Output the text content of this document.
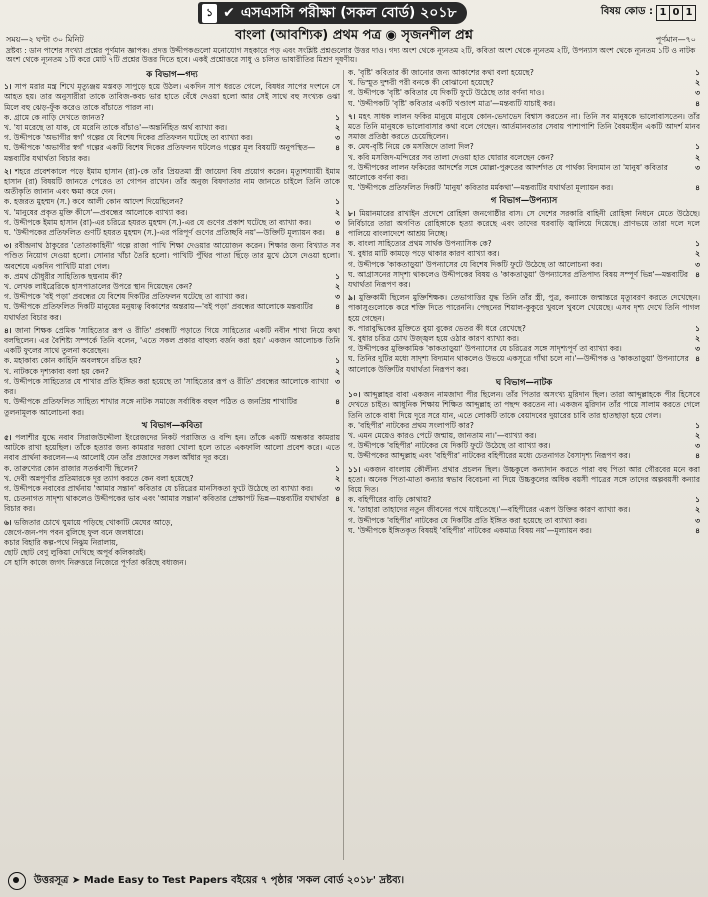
১ ✔ এসএসসি পরীক্ষা (সকল বোর্ড) ২০১৮	বিষয় কোড : 1 0 1
বাংলা (আবশ্যিক) প্রথম পত্র ◉ সৃজনশীল প্রশ্ন
সময়—২ ঘণ্টা ৩০ মিনিট	পূর্ণমান—৭০
দ্রষ্টব্য : ডান পাশের সংখ্যা প্রশ্নের পূর্ণমান জ্ঞাপক। প্রদত্ত উদ্দীপকগুলো মনোযোগ সহকারে পড় এবং সংশ্লিষ্ট প্রশ্নগুলোর উত্তর দাও। গদ্য অংশ থেকে ন্যূনতম ২টি, কবিতা অংশ থেকে ন্যূনতম ২টি, উপন্যাস অংশ থেকে ন্যূনতম ১টি ও নাটক অংশ থেকে ন্যূনতম ১টি করে মোট ৭টি প্রশ্নের উত্তর দিতে হবে। একই প্রশ্নোত্তরে সাধু ও চলিত ভাষারীতির মিশ্রণ দূষণীয়।
ক বিভাগ—গদ্য
১। সাপ মরার মন্ত্র শিখে মৃত্যুঞ্জয় মস্তবড় সাপুড়ে হয়ে উঠল। একদিন সাপ ধরতে গেলে, বিষধর সাপের দংশনে সে আহত হয়। তার অনুসারীরা তাকে তাবিজ-কবচ ভার হাতে বেঁধে দেওয়া হলো আর সেই সাথে বহু সংখ্যক ওঝা মিলে বহু ঝেড়-ফুঁক করেও তাকে বাঁচাতে পারল না।
ক. গ্রামে কে নাড়ি দেখতে জানত?	১
খ. 'যা মরেছে তা যাক, যে মরেনি তাকে বাঁচাও'—অন্তর্নিহিত অর্থ ব্যাখ্যা কর।	২
গ. উদ্দীপকে 'অভাগীর স্বর্গ' গল্পের যে বিশেষ দিকের প্রতিফলন ঘটেছে তা ব্যাখ্যা কর।	৩
ঘ. উদ্দীপকে 'অভাগীর স্বর্গ' গল্পের একটি বিশেষ দিকের প্রতিফলন ঘটলেও গল্পের মূল বিষয়টি অনুপস্থিত—মন্তব্যটির যথার্থতা বিচার কর।
৪
২। শহরে প্রবেশকালে পড়ে ইমাম হাসান (রা)-কে তাঁর প্রিয়তমা স্ত্রী জায়েদা বিষ প্রয়োগ করেন। মৃত্যুশয্যায়ী ইমাম হাসান (রা) বিষয়টি জানতে পেরেও তা গোপন রাখেন। তাঁর অনুজ বিষদাতার নাম জানতে চাইলে তিনি তাকে অতীকৃতি জানান এবং ক্ষমা করে দেন।
ক. হজরত মুহম্মদ (স.) কবে আলী কোন আদেশ দিয়েছিলেন?	১
খ. 'মানুষের প্রকৃত মুক্তি কীসে'—প্রবন্ধের আলোকে ব্যাখ্যা কর।	২
গ. উদ্দীপকে ইমাম হাসান (রা)-এর চরিত্রে হযরত মুহম্মদ (স.)-এর যে গুণের প্রকাশ ঘটেছে তা ব্যাখ্যা কর।	৩
ঘ. 'উদ্দীপকের প্রতিফলিত গুণটি হযরত মুহম্মদ (স.)-এর পরিপূর্ণ গুণের প্রতিচ্ছবি নয়'—উক্তিটি মূল্যায়ন কর। ৪
৩। রবীন্দ্রনাথ ঠাকুরের 'তোতাকাহিনী' গল্পে রাজা পাখি শিক্ষা দেওয়ার আয়োজন করেন। শিক্ষার জন্য বিখ্যাত সব পণ্ডিত নিয়োগ দেওয়া হলো। সোনার খাঁচা তৈরি হলো। পাখিটি পুঁথির পাতা ছিঁড়ে তার মুখে ঠেসে দেওয়া হলো। অবশেষে একদিন পাখিটি মারা গেল।
ক. প্রমথ চৌধুরীর সাহিত্যিক ছদ্মনাম কী?	১
খ. লেখক লাইব্রেরিকে হাসপাতালের উপরে স্থান দিয়েছেন কেন?	২
গ. উদ্দীপকে 'বই পড়া' প্রবন্ধের যে বিশেষ দিকটির প্রতিফলন ঘটেছে তা ব্যাখ্যা কর।	৩
ঘ. উদ্দীপকে প্রতিফলিত দিকটি মানুষের মনুষ্যত্ব বিকাশের অন্তরায়—'বই পড়া' প্রবন্ধের আলোকে মন্তব্যটির যথার্থতা বিচার কর।
৪
৪। জানা শিক্ষক প্রেমিক 'সাহিত্যের রূপ ও রীতি' প্রবন্ধটি পড়াতে গিয়ে সাহিত্যের একটি নবীন শাখা নিয়ে কথা বলছিলেন। এর বৈশিষ্ট্য সম্পর্কে তিনি বলেন, 'এতে সকল প্রকার বাহুল্য বর্জন করা হয়।' একজন আলোচক তিনি একটি ফুলের সাথে তুলনা করেছেন।
ক. মহাকাব্য কোন কাহিনি অবলম্বনে রচিত হয়?	১
খ. নাটককে দৃশ্যকাব্য বলা হয় কেন?	২
গ. উদ্দীপকে সাহিত্যের যে শাখার প্রতি ইঙ্গিত করা হয়েছে তা 'সাহিত্যের রূপ ও রীতি' প্রবন্ধের আলোকে ব্যাখ্যা কর।
৩
ঘ. উদ্দীপকে প্রতিফলিত সাহিত্য শাখার সঙ্গে নাটক সমাজে সর্বাধিক বহুল পঠিত ও জনপ্রিয় শাখাটির তুলনামূলক আলোচনা কর।
৪
খ বিভাগ—কবিতা
৫। পলাশীর যুদ্ধে নবাব সিরাজউদ্দৌলা ইংরেজদের নিকট পরাজিত ও বন্দি হন। তাঁকে একটি অন্ধকার কামরায় আটকে রাখা হয়েছিল। তাঁকে হত্যার জন্য কামরার দরজা খোলা হলে তাতে একফালি আলো প্রবেশ করে। এতে নবাব প্রার্থনা করলেন—এ আলোই যেন তাঁর প্রজাদের সকল আঁধার দূর করে।
ক. তারুণ্যের কোন রাজার সতর্কবাণী ছিলেন?	১
খ. দেবী অন্নপূর্ণার প্রতিমারকে দূর ত্যাগ করতে কেন বলা হয়েছে?	২
গ. উদ্দীপকে নবাবের প্রার্থনায় 'আমার সন্তান' কবিতার যে চরিত্রের মানসিকতা ফুটে উঠেছে তা ব্যাখ্যা কর।	৩
ঘ. চেতনাগত সাদৃশ্য থাকলেও উদ্দীপকের ভাব এবং 'আমার সন্তান' কবিতার প্রেক্ষাপট ভিন্ন—মন্তব্যটির যথার্থতা বিচার কর।
৪
৬। ভজিতার চোখে ঘুমায়ে পড়িছে খোকাটি মেঘের আড়ে,
জেগে-জন-পদ পবন বুলিছে ফুল বনে জলধারে।
কচার বিহারি কল্প-পথে নিঝুম নিরালায়,
ছোট ছোট বেণু লুকিয়া দেখিছে অপূর্ব কলিকারই।
সে হাসি কাজে জগৎ নিরুত্তরে নিজেরে পূর্ণতা করিছে বধ্যজন।
ক. 'বৃষ্টি' কবিতার কী জানোর জন্য আকাশের কথা বলা হয়েছে?	১
খ. ভিস্মুত দুশ্চরী পরী বনকে কী বোঝানো হয়েছে?	২
গ. উদ্দীপকে 'বৃষ্টি' কবিতার যে দিকটি ফুটে উঠেছে তার বর্ণনা দাও।	৩
ঘ. 'উদ্দীপকটি 'বৃষ্টি' কবিতার একটি খণ্ডাংশ মাত্র'—মন্তব্যটি যাচাই কর।	৪
৭। মহৎ সাধক লালন ফকির মানুষে মানুষে কোন-ভেদাভেদ বিশ্বাস করতেন না। তিনি সব মানুষকে ভালোবাসতেন। তাঁর মতে তিনি মানুষকে ভালোবাসার কথা বলে গেছেন। আর্তমানবতার সেবায় পাশাপাশি তিনি বৈষম্যহীন একটি আদর্শ মানব সমাজ প্রতিষ্ঠা করতে চেয়েছিলেন।
ক. মেঘ-বৃষ্টি নিয়ে কে মসজিদে তালা দিল?	১
খ. কবি মসজিদ-মন্দিরের সব তালা দেওয়া হাত ঘোরার বলেছেন কেন?	২
গ. উদ্দীপকের লালন ফকিরের আদর্শের সঙ্গে মোল্লা-পুরুতের আদর্শগত যে পার্থক্য বিদ্যমান তা 'মানুষ' কবিতার আলোকে বর্ণনা কর।
৩
ঘ. 'উদ্দীপকে প্রতিফলিত দিকটি 'মানুষ' কবিতার মর্মকথা'—মন্তব্যটির যথার্থতা মূল্যায়ন কর।	৪
গ বিভাগ—উপন্যাস
৮। মিয়ানমারের রাখাইন প্রদেশে রোহিঙ্গা জনগোষ্ঠীর বাস। সে দেশের সরকারি বাহিনী রোহিঙ্গা নিধনে মেতে উঠেছে। নির্বিচারে তারা অগণিত রোহিঙ্গাকে হত্যা করেছে এবং তাদের ঘরবাড়ি জ্বালিয়ে দিয়েছে। প্রাণভয়ে তারা দলে দলে পালিয়ে বাংলাদেশে আশ্রয় নিচ্ছে।
ক. বাংলা সাহিত্যের প্রথম সার্থক উপন্যাসিক কে?	১
খ. বুধার মাটি কামড়ে পড়ে থাকার কারণ ব্যাখ্যা কর।	২
গ. উদ্দীপকে 'কাকতাড়ুয়া' উপন্যাসের যে বিশেষ দিকটি ফুটে উঠেছে তা আলোচনা কর।	৩
ঘ. আগ্রাসনের সাদৃশ্য থাকলেও উদ্দীপকের বিষয় ও 'কাকতাড়ুয়া' উপন্যাসের প্রতিপাদ্য বিষয় সম্পূর্ণ ভিন্ন'—মন্তব্যটির যথার্থতা নিরূপণ কর।
৪
৯। মুক্তিকামী ছিলেন মুক্তিশিক্ষক। তেভাগাত্তির যুদ্ধ তিনি তাঁর স্ত্রী, পুত্র, কন্যাকে জন্মান্তরে মৃত্যুবরণ করতে দেখেছেন। পাকাসুগুলোকে করে শক্তি দিতে পারেননি। পেছনের শিয়াল-কুকুরে খুবলে খুবলে খেয়েছে। এসব দৃশ্য দেখে তিনি পাগল হয়ে গেছেন।
ক. পারাবুদ্ধিকের মুক্তিতে বুয়া বুকের ভেতর কী ধরে রেখেছে?	১
খ. বুধার চরিত্র চোখ উজ্জ্বল হয়ে ওঠার কারণ ব্যাখ্যা কর।	২
গ. উদ্দীপকের মুক্তিকামিক 'কাকতাড়ুয়া' উপন্যাসের যে চরিত্রের সঙ্গে সাদৃশ্যপূর্ণ তা ব্যাখ্যা কর।	৩
ঘ. তিনির দুটির মধ্যে সাদৃশ্য বিদ্যমান থাকলেও উভয়ে একসূত্রে গাঁথা চলে না।'—উদ্দীপক ও 'কাকতাড়ুয়া' উপন্যাসের আলোকে উক্তিটির যথার্থতা নিরূপণ কর।
৪
ঘ বিভাগ—নাটক
১০। আব্দুল্লাহর বাবা একজন নামজাদা পীর ছিলেন। তাঁর পিতার অসংখ্য মুরিদান ছিল। তারা আব্দুল্লাহকে পীর হিসেবে দেখতে চাইত। আধুনিক শিক্ষায় শিক্ষিত আব্দুল্লাহ তা পছন্দ করতেন না। একজন মুরিদান তাঁর পায়ে সালাম করতে গেলে তিনি তাকে বাধা দিয়ে দূরে সরে যান, এতে লোকটি তাকে বেয়াদবের দুয়ারের চাবি তার হাতছাড়া হয়ে গেল।
ক. 'বহিপীর' নাটকের প্রথম সংলাপটি কার?	১
খ. এমন মেয়েও কারও পেটে জন্মায়, জানতাম না।'—ব্যাখ্যা কর।	২
গ. উদ্দীপকে 'বহিপীর' নাটকের যে দিকটি ফুটে উঠেছে তা ব্যাখ্যা কর।	৩
ঘ. উদ্দীপকের আব্দুল্লাহ এবং 'বহিপীর' নাটকের বহিপীরের মধ্যে চেতনাগত বৈসাদৃশ্য নিরূপণ কর।	৪
১১। একজন বাংলায় কৌলীন্য প্রথার প্রচলন ছিল। উচ্চকুলে কন্যাদান করতে পারা বহু পিতা আর গৌরবের মনে করা হতো। অনেক পিতা-মাতা কন্যার স্বভাব বিবেচনা না দিয়ে উচ্চকুলের অধিক বয়সী পাত্রের সঙ্গে তাদের অল্পবয়সী কন্যার বিয়ে দিত।
ক. বহিপীরের বাড়ি কোথায়?	১
খ. 'তাহারা তাহাদের নতুন জীবনের পথে যাইতেছে।'—বহিপীরের এরূপ উক্তির কারণ ব্যাখ্যা কর।	২
গ. উদ্দীপকে 'বহিপীর' নাটকের যে দিকটির প্রতি ইঙ্গিত করা হয়েছে তা ব্যাখ্যা কর।	৩
ঘ. 'উদ্দীপকে ইঙ্গিতকৃত বিষয়ই 'বহিপীর' নাটকের একমাত্র বিষয় নয়'—মূল্যায়ন কর।	৪
উত্তরসূত্র ➤ Made Easy to Test Papers বইয়ের ৭ পৃষ্ঠার 'সকল বোর্ড ২০১৮' দ্রষ্টব্য।
